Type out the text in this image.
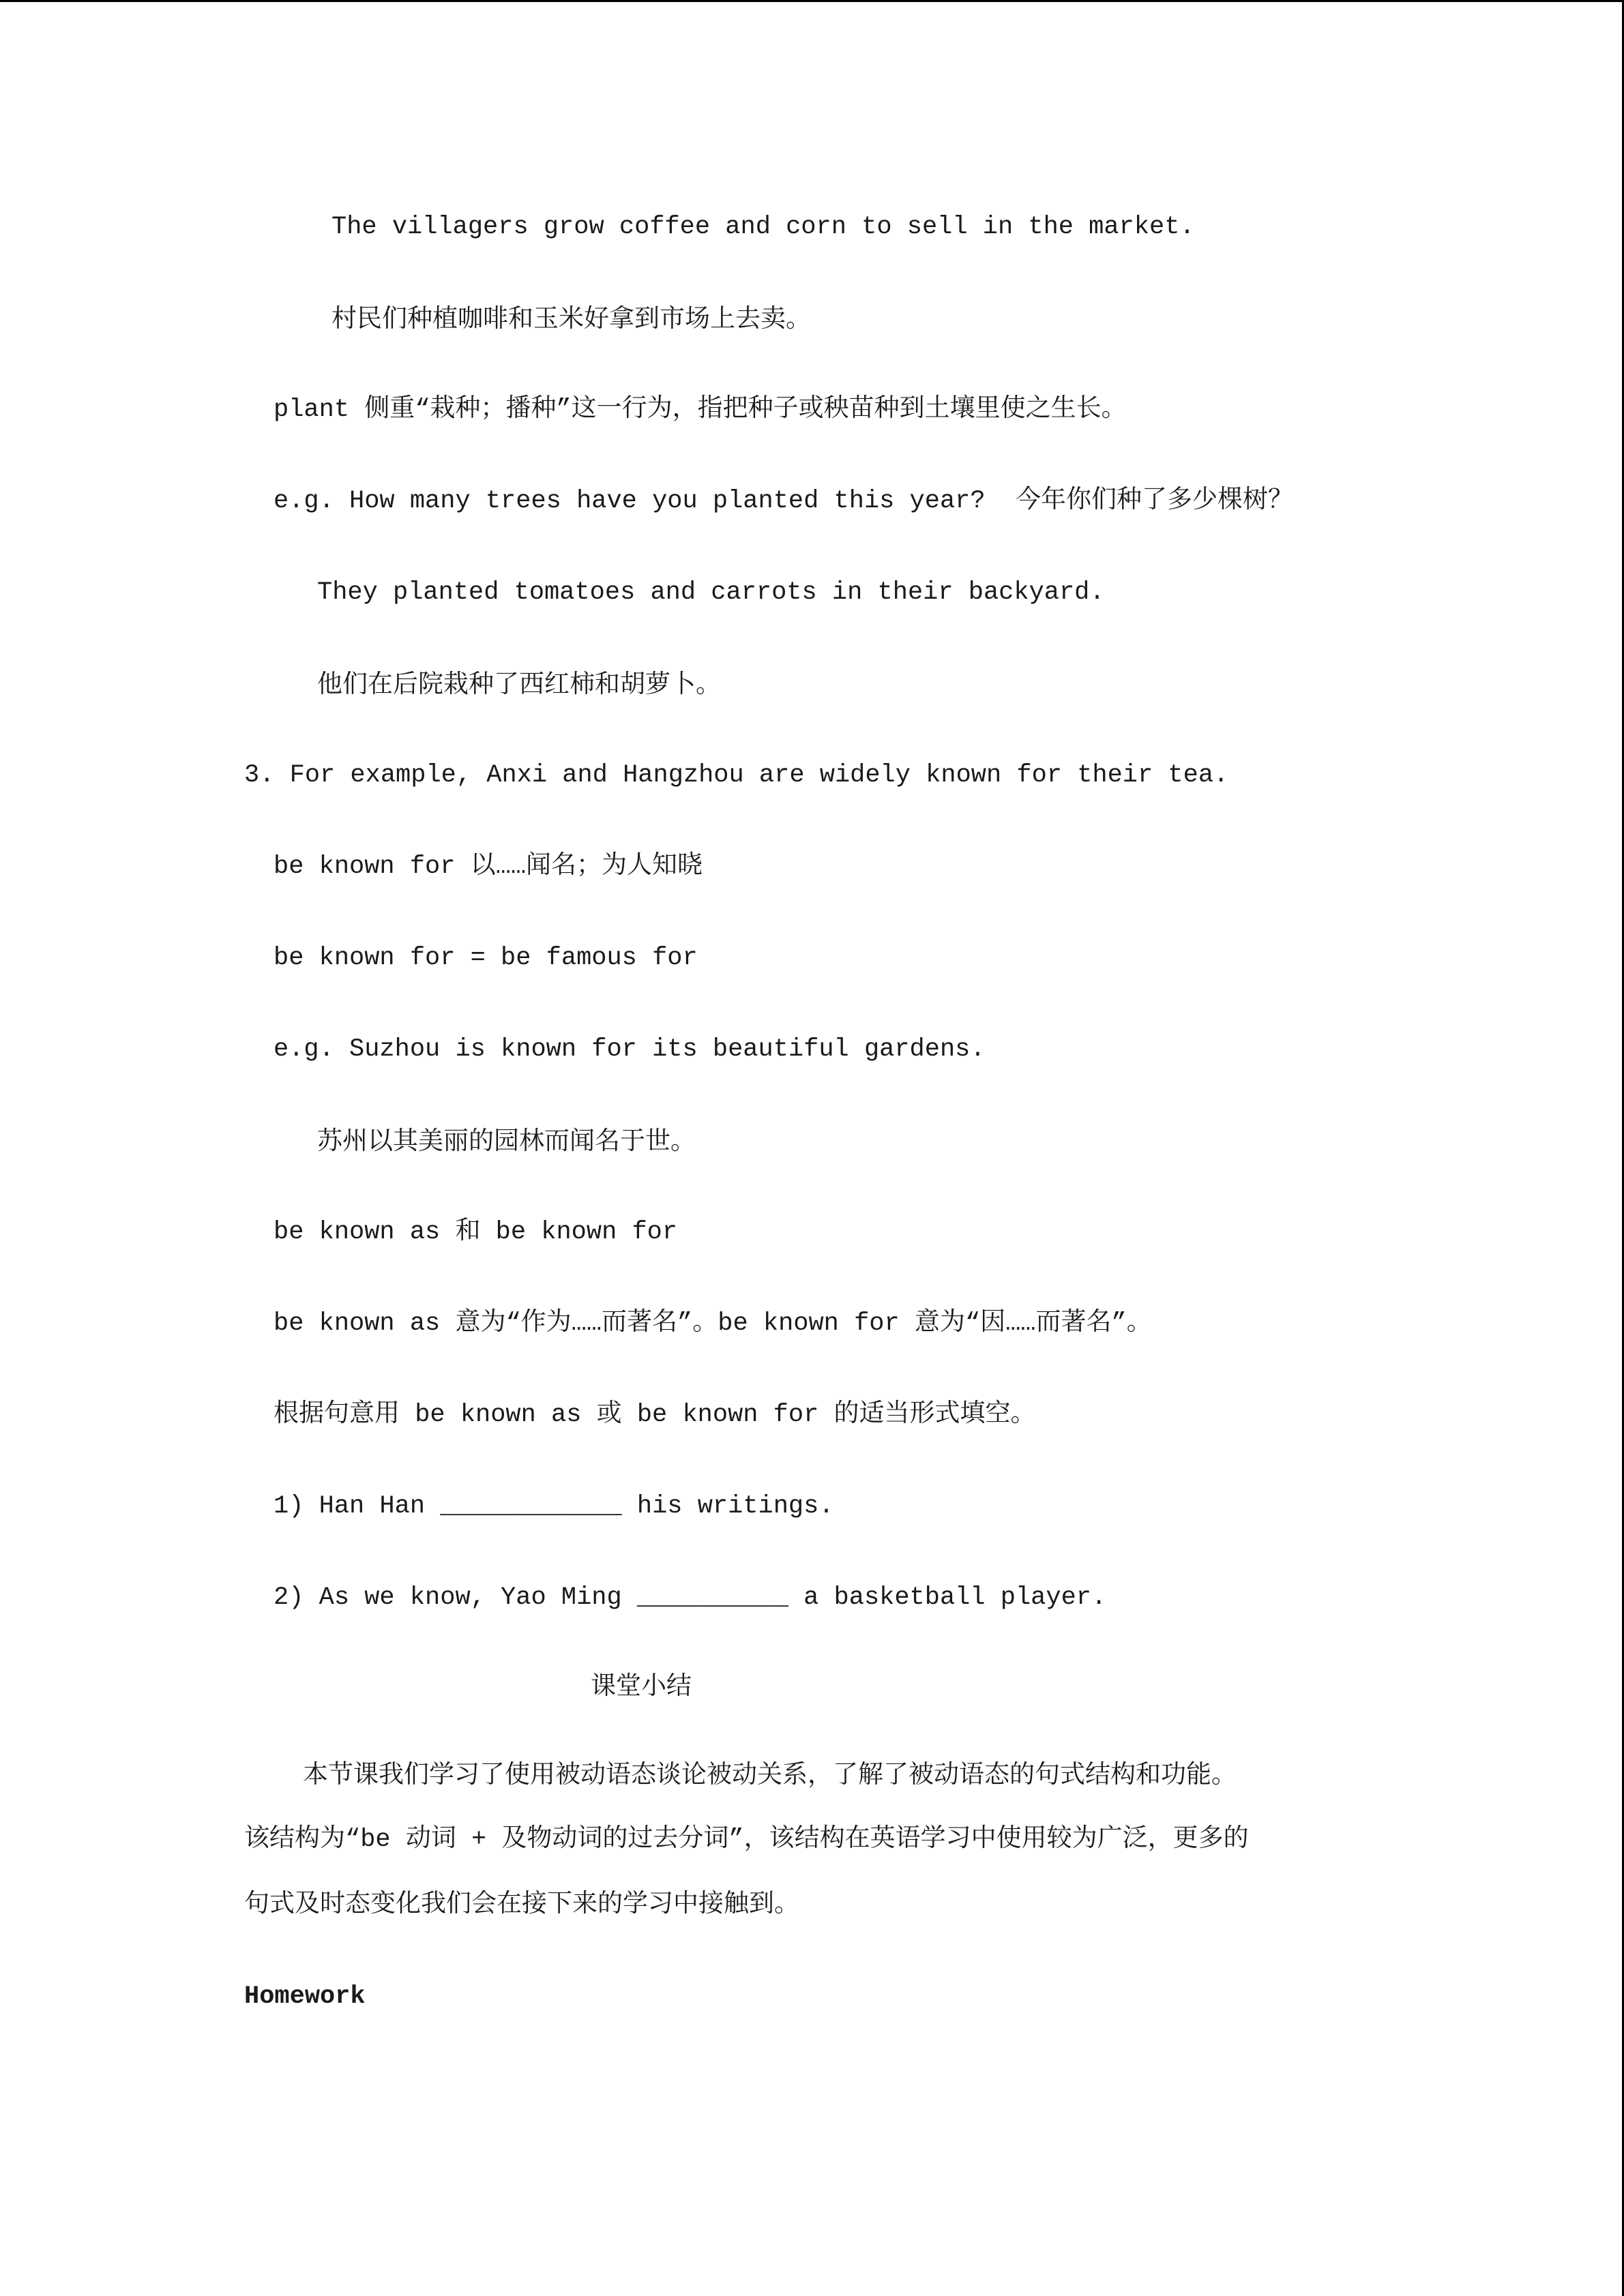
The villagers grow coffee and corn to sell in the market.
村民们种植咖啡和玉米好拿到市场上去卖。
plant 侧重“栽种；播种”这一行为，指把种子或秧苗种到土壤里使之生长。
e.g. How many trees have you planted this year?  今年你们种了多少棵树？
They planted tomatoes and carrots in their backyard.
他们在后院栽种了西红柿和胡萝卜。
3. For example, Anxi and Hangzhou are widely known for their tea.
be known for 以……闻名；为人知晓
be known for = be famous for
e.g. Suzhou is known for its beautiful gardens.
苏州以其美丽的园林而闻名于世。
be known as 和 be known for
be known as 意为“作为……而著名”。be known for 意为“因……而著名”。
根据句意用 be known as 或 be known for 的适当形式填空。
1) Han Han ____________ his writings.
2) As we know, Yao Ming __________ a basketball player.
课堂小结
本节课我们学习了使用被动语态谈论被动关系，了解了被动语态的句式结构和功能。
该结构为“be 动词 + 及物动词的过去分词”，该结构在英语学习中使用较为广泛，更多的
句式及时态变化我们会在接下来的学习中接触到。
Homework
